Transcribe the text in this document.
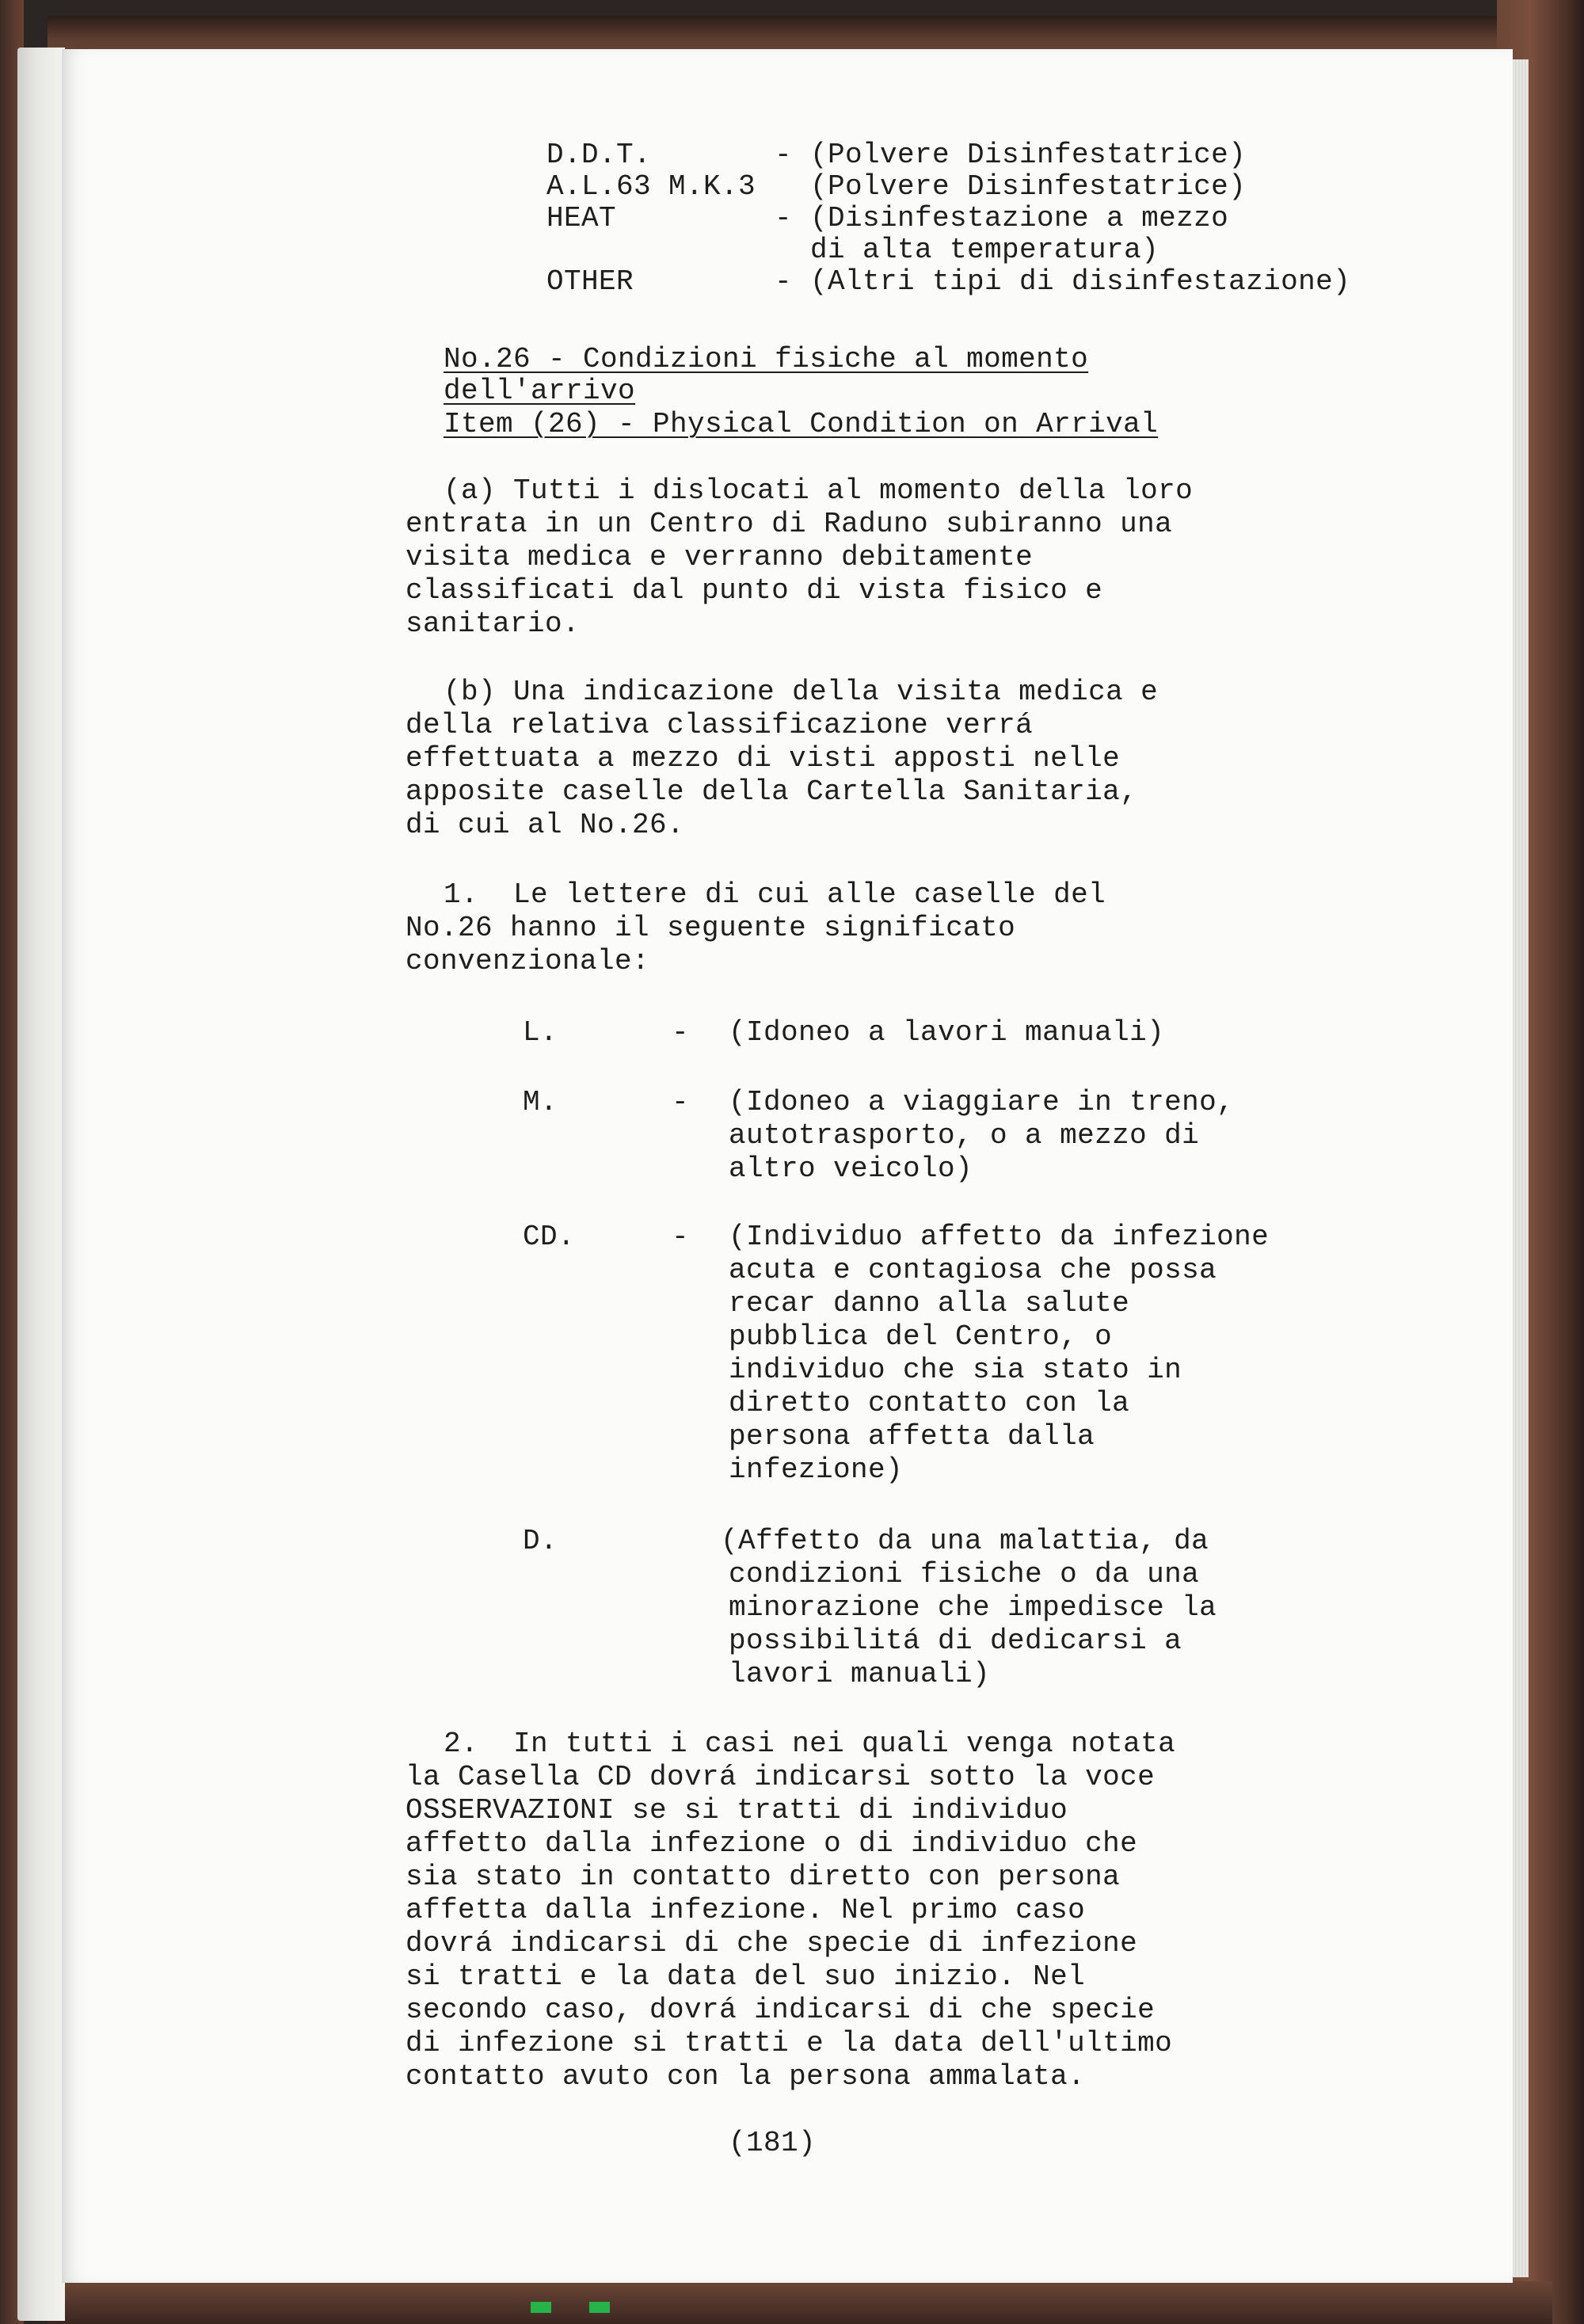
D.D.T.	- (Polvere Disinfestatrice)
A.L.63 M.K.3 (Polvere Disinfestatrice)
HEAT	- (Disinfestazione a mezzo
di alta temperatura)
OTHER	- (Altri tipi di disinfestazione)
No.26 - Condizioni fisiche al momento
dell'arrivo
Item (26) - Physical Condition on Arrival
(a) Tutti i dislocati al momento della loro
entrata in un Centro di Raduno subiranno una
visita medica e verranno debitamente
classificati dal punto di vista fisico e
sanitario.
(b) Una indicazione della visita medica e
della relativa classificazione verrá
effettuata a mezzo di visti apposti nelle
apposite caselle della Cartella Sanitaria,
di cui al No.26.
1.  Le lettere di cui alle caselle del
No.26 hanno il seguente significato
convenzionale:
L.	- (Idoneo a lavori manuali)
M.	- (Idoneo a viaggiare in treno,
autotrasporto, o a mezzo di
altro veicolo)
CD.	- (Individuo affetto da infezione
acuta e contagiosa che possa
recar danno alla salute
pubblica del Centro, o
individuo che sia stato in
diretto contatto con la
persona affetta dalla
infezione)
D.	(Affetto da una malattia, da
condizioni fisiche o da una
minorazione che impedisce la
possibilitá di dedicarsi a
lavori manuali)
2.  In tutti i casi nei quali venga notata
la Casella CD dovrá indicarsi sotto la voce
OSSERVAZIONI se si tratti di individuo
affetto dalla infezione o di individuo che
sia stato in contatto diretto con persona
affetta dalla infezione. Nel primo caso
dovrá indicarsi di che specie di infezione
si tratti e la data del suo inizio. Nel
secondo caso, dovrá indicarsi di che specie
di infezione si tratti e la data dell'ultimo
contatto avuto con la persona ammalata.
(181)
